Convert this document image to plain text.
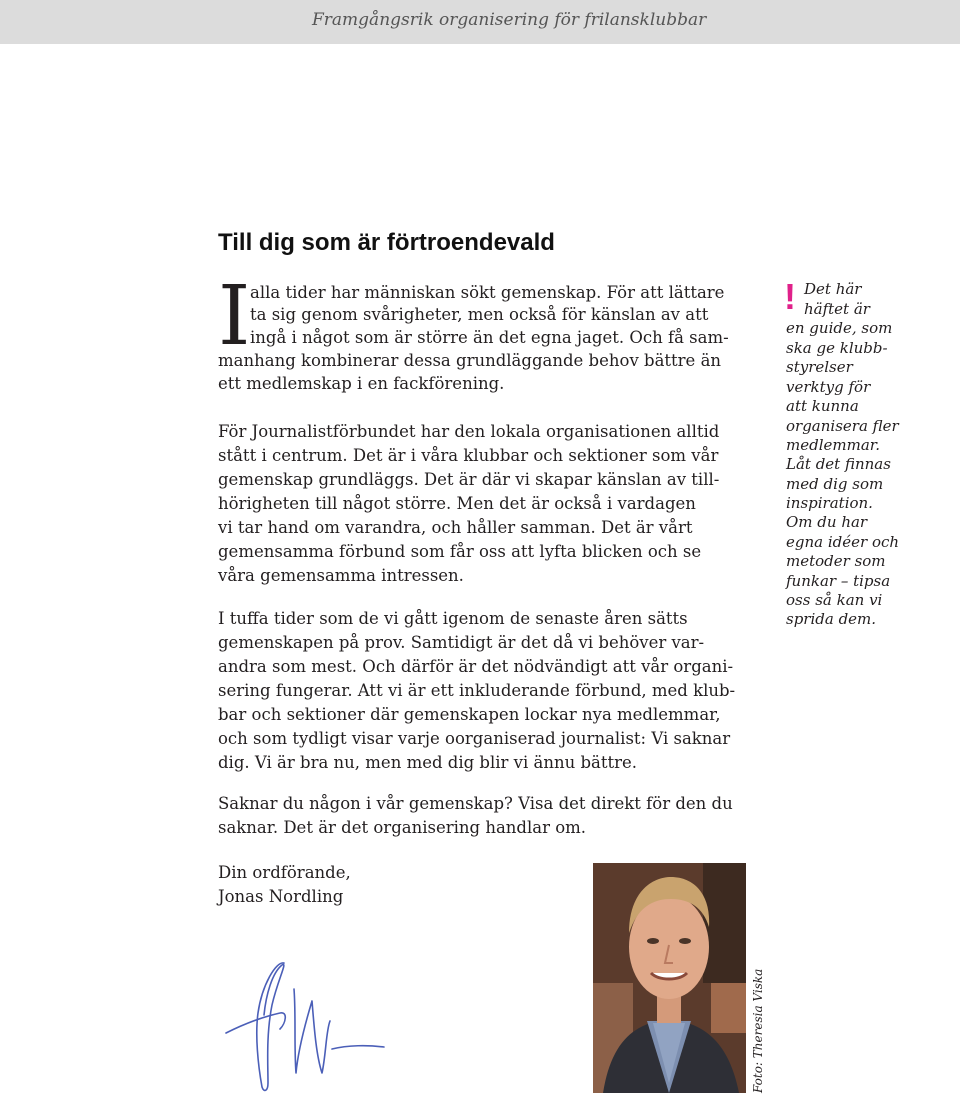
Framgångsrik organisering för frilansklubbar
Till dig som är förtroendevald
I alla tider har människan sökt gemenskap. För att lättare
ta sig genom svårigheter, men också för känslan av att
ingå i något som är större än det egna jaget. Och få sam-
manhang kombinerar dessa grundläggande behov bättre än
ett medlemskap i en fackförening.
För Journalistförbundet har den lokala organisationen alltid
stått i centrum. Det är i våra klubbar och sektioner som vår
gemenskap grundläggs. Det är där vi skapar känslan av till-
hörigheten till något större. Men det är också i vardagen
vi tar hand om varandra, och håller samman. Det är vårt
gemensamma förbund som får oss att lyfta blicken och se
våra gemensamma intressen.
I tuffa tider som de vi gått igenom de senaste åren sätts
gemenskapen på prov. Samtidigt är det då vi behöver var-
andra som mest. Och därför är det nödvändigt att vår organi-
sering fungerar. Att vi är ett inkluderande förbund, med klub-
bar och sektioner där gemenskapen lockar nya medlemmar,
och som tydligt visar varje oorganiserad journalist: Vi saknar
dig. Vi är bra nu, men med dig blir vi ännu bättre.
Saknar du någon i vår gemenskap? Visa det direkt för den du
saknar. Det är det organisering handlar om.
Din ordförande,
Jonas Nordling
Foto: Theresia Viska
! Det här
häftet är
en guide, som
ska ge klubb-
styrelser
verktyg för
att kunna
organisera fler
medlemmar.
Låt det finnas
med dig som
inspiration.
Om du har
egna idéer och
metoder som
funkar – tipsa
oss så kan vi
sprida dem.
